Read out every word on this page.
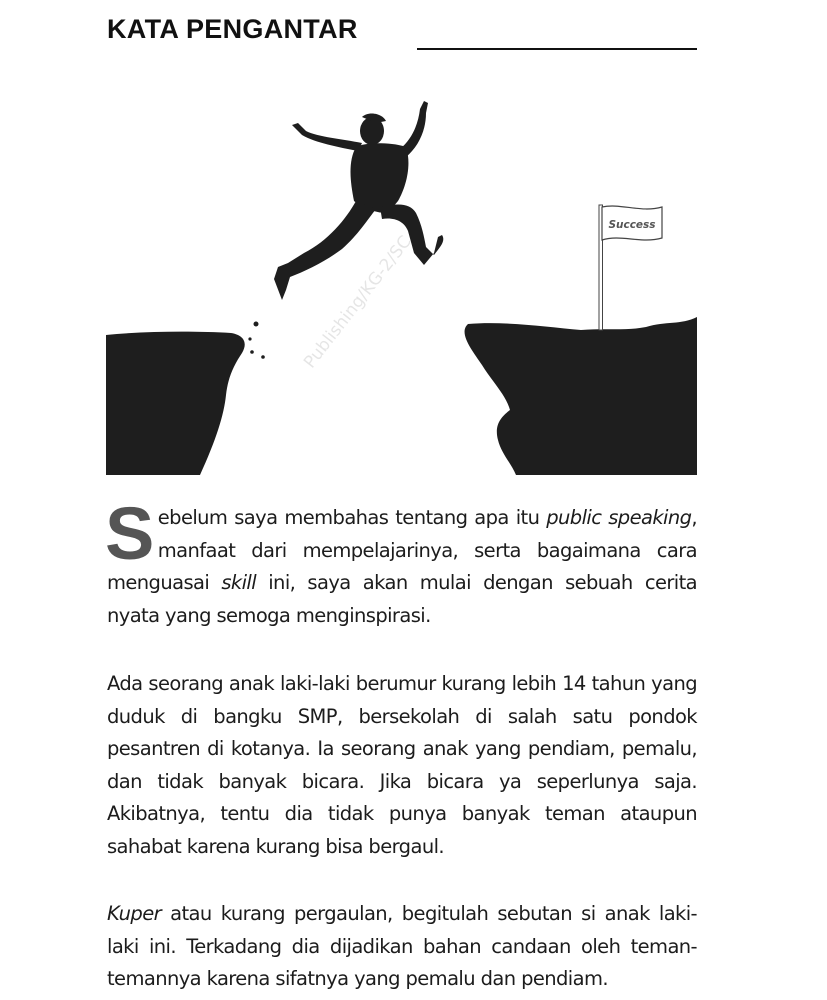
KATA PENGANTAR
Success
Publishing/KG-2/SC
Sebelum saya membahas tentang apa itu public speaking, manfaat dari mempelajarinya, serta bagaimana cara menguasai skill ini, saya akan mulai dengan sebuah cerita nyata yang semoga menginspirasi.
Ada seorang anak laki-laki berumur kurang lebih 14 tahun yang duduk di bangku SMP, bersekolah di salah satu pondok pesantren di kotanya. Ia seorang anak yang pendiam, pemalu, dan tidak banyak bicara. Jika bicara ya seperlunya saja. Akibatnya, tentu dia tidak punya banyak teman ataupun sahabat karena kurang bisa bergaul.
Kuper atau kurang pergaulan, begitulah sebutan si anak laki-laki ini. Terkadang dia dijadikan bahan candaan oleh teman-temannya karena sifatnya yang pemalu dan pendiam.
